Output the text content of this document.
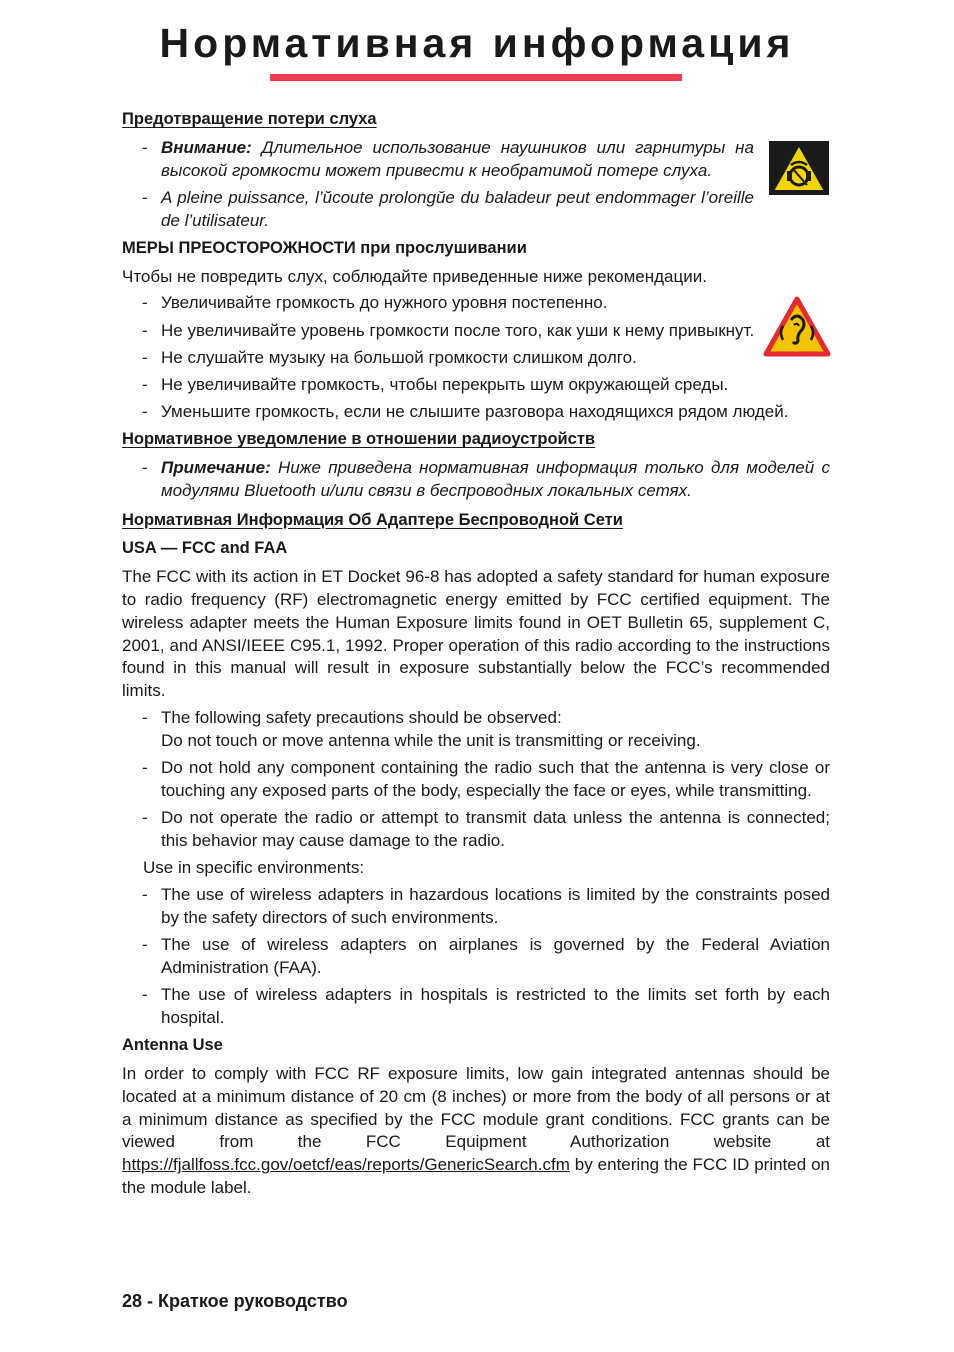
Нормативная информация
Предотвращение потери слуха
- Внимание: Длительное использование наушников или гарнитуры на высокой громкости может привести к необратимой потере слуха.
- A pleine puissance, l’ŭcoute prolongŭe du baladeur peut endommager l’oreille de l’utilisateur.
МЕРЫ ПРЕОСТОРОЖНОСТИ при прослушивании
Чтобы не повредить слух, соблюдайте приведенные ниже рекомендации.
- Увеличивайте громкость до нужного уровня постепенно.
- Не увеличивайте уровень громкости после того, как уши к нему привыкнут.
- Не слушайте музыку на большой громкости слишком долго.
- Не увеличивайте громкость, чтобы перекрыть шум окружающей среды.
- Уменьшите громкость, если не слышите разговора находящихся рядом людей.
Нормативное уведомление в отношении радиоустройств
- Примечание: Ниже приведена нормативная информация только для моделей с модулями Bluetooth и/или связи в беспроводных локальных сетях.
Нормативная Информация Об Адаптере Беспроводной Сети
USA — FCC and FAA
The FCC with its action in ET Docket 96-8 has adopted a safety standard for human exposure to radio frequency (RF) electromagnetic energy emitted by FCC certified equipment. The wireless adapter meets the Human Exposure limits found in OET Bulletin 65, supplement C, 2001, and ANSI/IEEE C95.1, 1992. Proper operation of this radio according to the instructions found in this manual will result in exposure substantially below the FCC’s recommended limits.
- The following safety precautions should be observed:
Do not touch or move antenna while the unit is transmitting or receiving.
- Do not hold any component containing the radio such that the antenna is very close or touching any exposed parts of the body, especially the face or eyes, while transmitting.
- Do not operate the radio or attempt to transmit data unless the antenna is connected; this behavior may cause damage to the radio.
Use in specific environments:
- The use of wireless adapters in hazardous locations is limited by the constraints posed by the safety directors of such environments.
- The use of wireless adapters on airplanes is governed by the Federal Aviation Administration (FAA).
- The use of wireless adapters in hospitals is restricted to the limits set forth by each hospital.
Antenna Use
In order to comply with FCC RF exposure limits, low gain integrated antennas should be located at a minimum distance of 20 cm (8 inches) or more from the body of all persons or at a minimum distance as specified by the FCC module grant conditions. FCC grants can be viewed from the FCC Equipment Authorization website at https://fjallfoss.fcc.gov/oetcf/eas/reports/GenericSearch.cfm by entering the FCC ID printed on the module label.
28 - Краткое руководство
